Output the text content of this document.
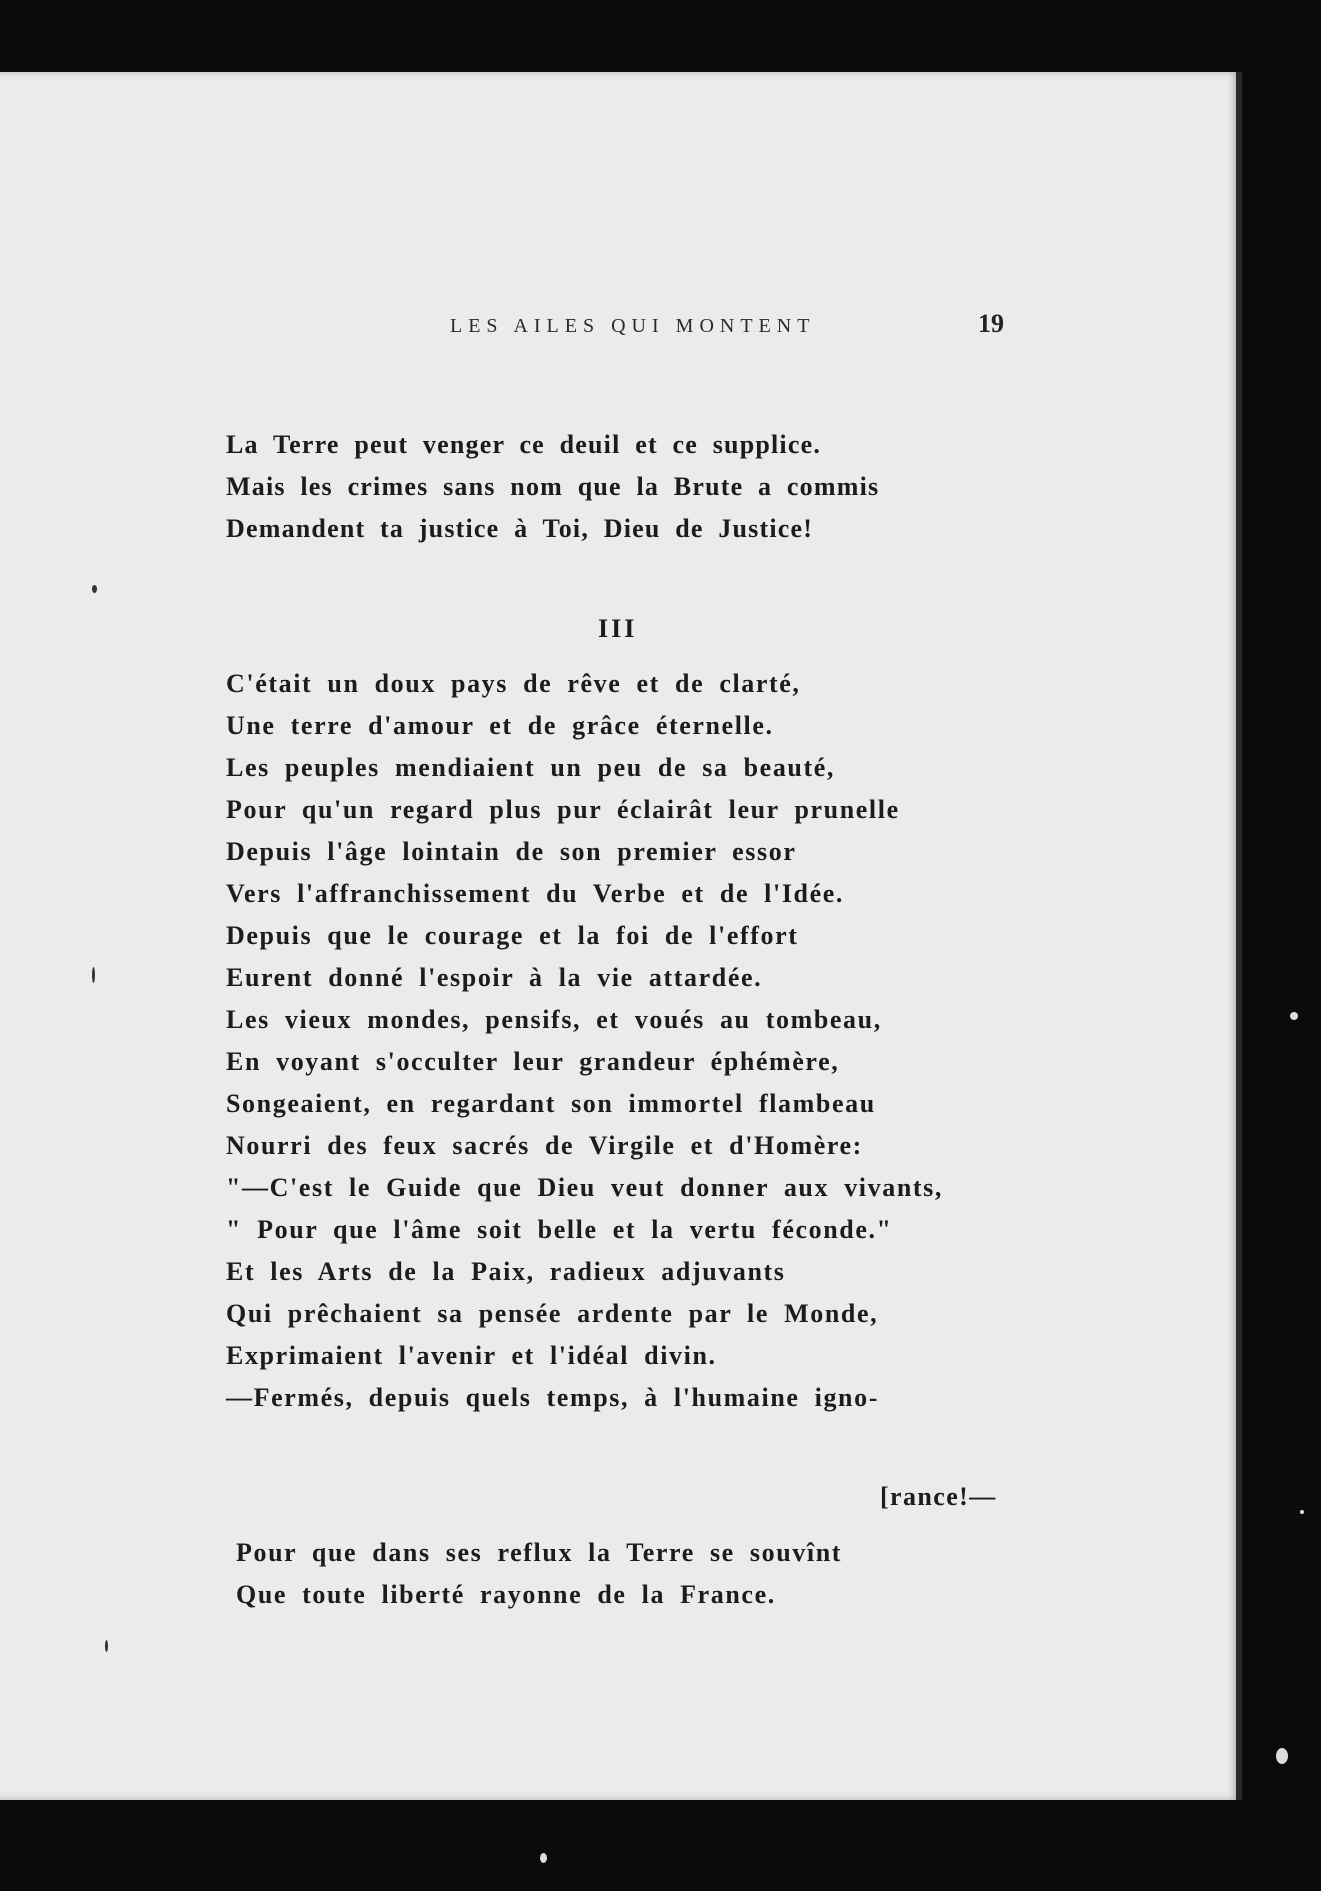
LES AILES QUI MONTENT	19
La Terre peut venger ce deuil et ce supplice.
Mais les crimes sans nom que la Brute a commis
Demandent ta justice à Toi, Dieu de Justice!
III
C'était un doux pays de rêve et de clarté,
Une terre d'amour et de grâce éternelle.
Les peuples mendiaient un peu de sa beauté,
Pour qu'un regard plus pur éclairât leur prunelle
Depuis l'âge lointain de son premier essor
Vers l'affranchissement du Verbe et de l'Idée.
Depuis que le courage et la foi de l'effort
Eurent donné l'espoir à la vie attardée.
Les vieux mondes, pensifs, et voués au tombeau,
En voyant s'occulter leur grandeur éphémère,
Songeaient, en regardant son immortel flambeau
Nourri des feux sacrés de Virgile et d'Homère:
"—C'est le Guide que Dieu veut donner aux vivants,
" Pour que l'âme soit belle et la vertu féconde."
Et les Arts de la Paix, radieux adjuvants
Qui prêchaient sa pensée ardente par le Monde,
Exprimaient l'avenir et l'idéal divin.
—Fermés, depuis quels temps, à l'humaine igno-
[rance!—
Pour que dans ses reflux la Terre se souvînt
Que toute liberté rayonne de la France.
